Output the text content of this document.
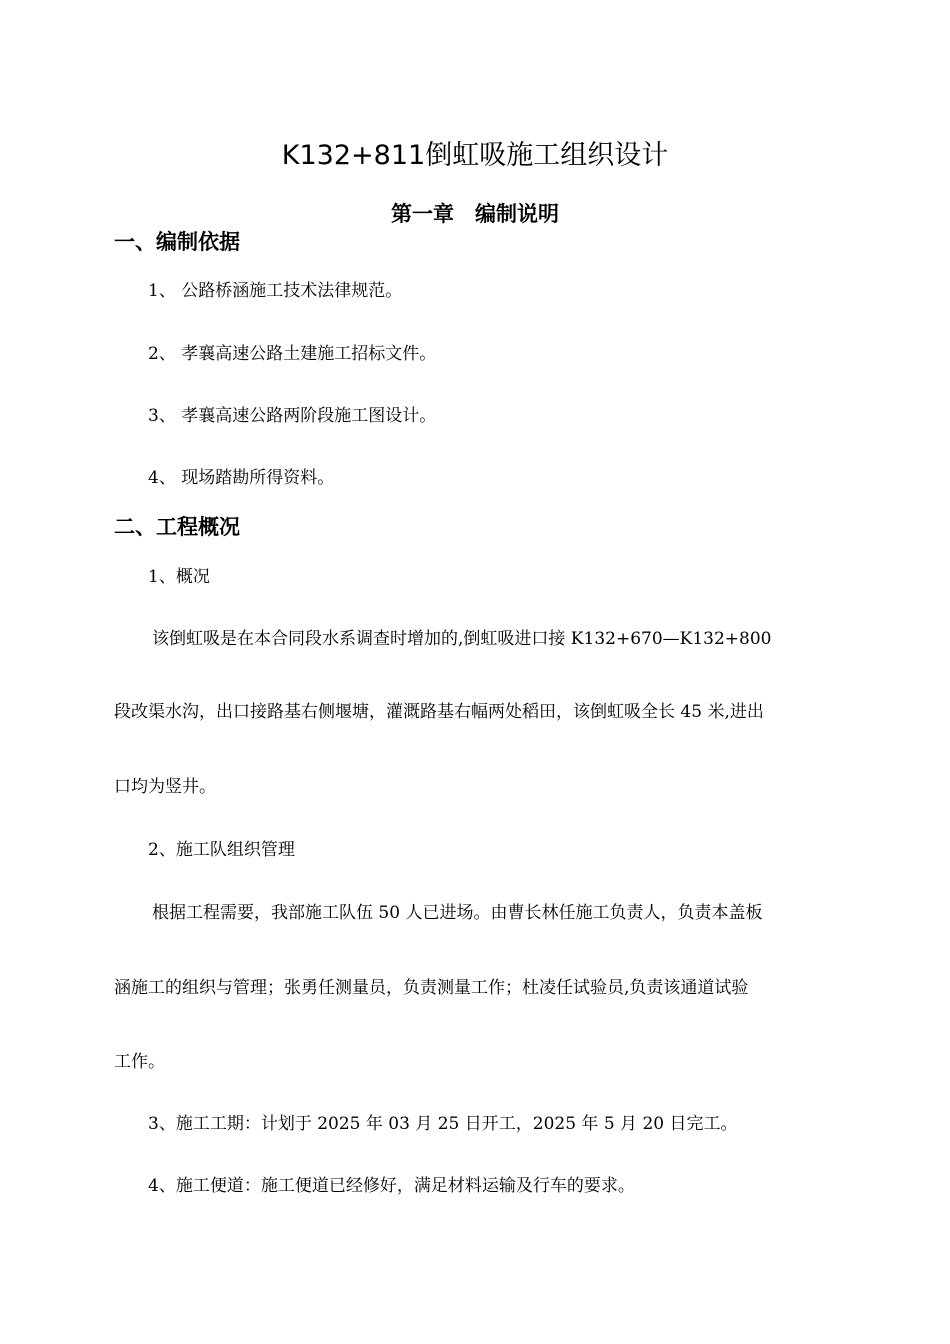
K132+811倒虹吸施工组织设计
第一章　编制说明
一、编制依据
1、 公路桥涵施工技术法律规范。
2、 孝襄高速公路土建施工招标文件。
3、 孝襄高速公路两阶段施工图设计。
4、 现场踏勘所得资料。
二、工程概况
1、概况
该倒虹吸是在本合同段水系调查时增加的,倒虹吸进口接 K132+670—K132+800
段改渠水沟，出口接路基右侧堰塘，灌溉路基右幅两处稻田，该倒虹吸全长 45 米,进出
口均为竖井。
2、施工队组织管理
根据工程需要，我部施工队伍 50 人已进场。由曹长林任施工负责人，负责本盖板
涵施工的组织与管理；张勇任测量员，负责测量工作；杜凌任试验员,负责该通道试验
工作。
3、施工工期：计划于 2025 年 03 月 25 日开工，2025 年 5 月 20 日完工。
4、施工便道：施工便道已经修好，满足材料运输及行车的要求。
